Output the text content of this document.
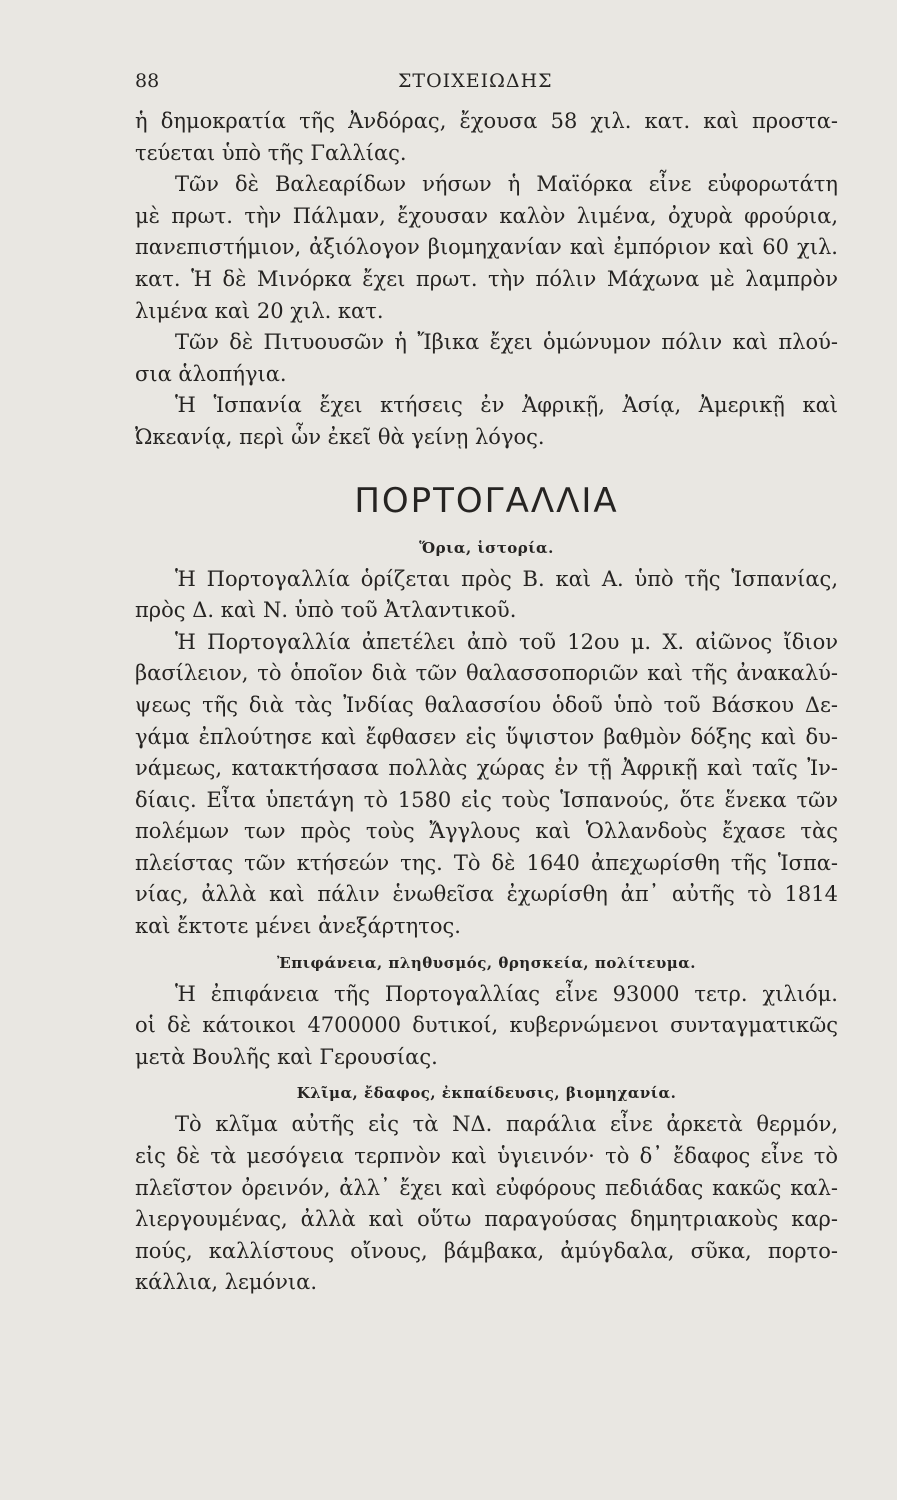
88	ΣΤΟΙΧΕΙΩΔΗΣ
ἡ δημοκρατία τῆς Ἀνδόρας, ἔχουσα 58 χιλ. κατ. καὶ προστα-
τεύεται ὑπὸ τῆς Γαλλίας.
Τῶν δὲ Βαλεαρίδων νήσων ἡ Μαϊόρκα εἶνε εὐφορωτάτη
μὲ πρωτ. τὴν Πάλμαν, ἔχουσαν καλὸν λιμένα, ὀχυρὰ φρούρια,
πανεπιστήμιον, ἀξιόλογον βιομηχανίαν καὶ ἐμπόριον καὶ 60 χιλ.
κατ. Ἡ δὲ Μινόρκα ἔχει πρωτ. τὴν πόλιν Μάχωνα μὲ λαμπρὸν
λιμένα καὶ 20 χιλ. κατ.
Τῶν δὲ Πιτυουσῶν ἡ Ἴβικα ἔχει ὁμώνυμον πόλιν καὶ πλού-
σια ἁλοπήγια.
Ἡ Ἱσπανία ἔχει κτήσεις ἐν Ἀφρικῇ, Ἀσίᾳ, Ἀμερικῇ καὶ
Ὠκεανίᾳ, περὶ ὧν ἐκεῖ θὰ γείνῃ λόγος.
ΠΟΡΤΟΓΑΛΛΙΑ
Ὅρια, ἱστορία.
Ἡ Πορτογαλλία ὁρίζεται πρὸς Β. καὶ Α. ὑπὸ τῆς Ἱσπανίας,
πρὸς Δ. καὶ Ν. ὑπὸ τοῦ Ἀτλαντικοῦ.
Ἡ Πορτογαλλία ἀπετέλει ἀπὸ τοῦ 12ου μ. Χ. αἰῶνος ἴδιον
βασίλειον, τὸ ὁποῖον διὰ τῶν θαλασσοποριῶν καὶ τῆς ἀνακαλύ-
ψεως τῆς διὰ τὰς Ἰνδίας θαλασσίου ὁδοῦ ὑπὸ τοῦ Βάσκου Δε-
γάμα ἐπλούτησε καὶ ἔφθασεν εἰς ὕψιστον βαθμὸν δόξης καὶ δυ-
νάμεως, κατακτήσασα πολλὰς χώρας ἐν τῇ Ἀφρικῇ καὶ ταῖς Ἰν-
δίαις. Εἶτα ὑπετάγη τὸ 1580 εἰς τοὺς Ἱσπανούς, ὅτε ἕνεκα τῶν
πολέμων των πρὸς τοὺς Ἄγγλους καὶ Ὁλλανδοὺς ἔχασε τὰς
πλείστας τῶν κτήσεών της. Τὸ δὲ 1640 ἀπεχωρίσθη τῆς Ἱσπα-
νίας, ἀλλὰ καὶ πάλιν ἑνωθεῖσα ἐχωρίσθη ἀπ᾽ αὐτῆς τὸ 1814
καὶ ἔκτοτε μένει ἀνεξάρτητος.
Ἐπιφάνεια, πληθυσμός, θρησκεία, πολίτευμα.
Ἡ ἐπιφάνεια τῆς Πορτογαλλίας εἶνε 93000 τετρ. χιλιόμ.
οἱ δὲ κάτοικοι 4700000 δυτικοί, κυβερνώμενοι συνταγματικῶς
μετὰ Βουλῆς καὶ Γερουσίας.
Κλῖμα, ἔδαφος, ἐκπαίδευσις, βιομηχανία.
Τὸ κλῖμα αὐτῆς εἰς τὰ ΝΔ. παράλια εἶνε ἀρκετὰ θερμόν,
εἰς δὲ τὰ μεσόγεια τερπνὸν καὶ ὑγιεινόν· τὸ δ᾽ ἔδαφος εἶνε τὸ
πλεῖστον ὀρεινόν, ἀλλ᾽ ἔχει καὶ εὐφόρους πεδιάδας κακῶς καλ-
λιεργουμένας, ἀλλὰ καὶ οὕτω παραγούσας δημητριακοὺς καρ-
πούς, καλλίστους οἴνους, βάμβακα, ἀμύγδαλα, σῦκα, πορτο-
κάλλια, λεμόνια.
